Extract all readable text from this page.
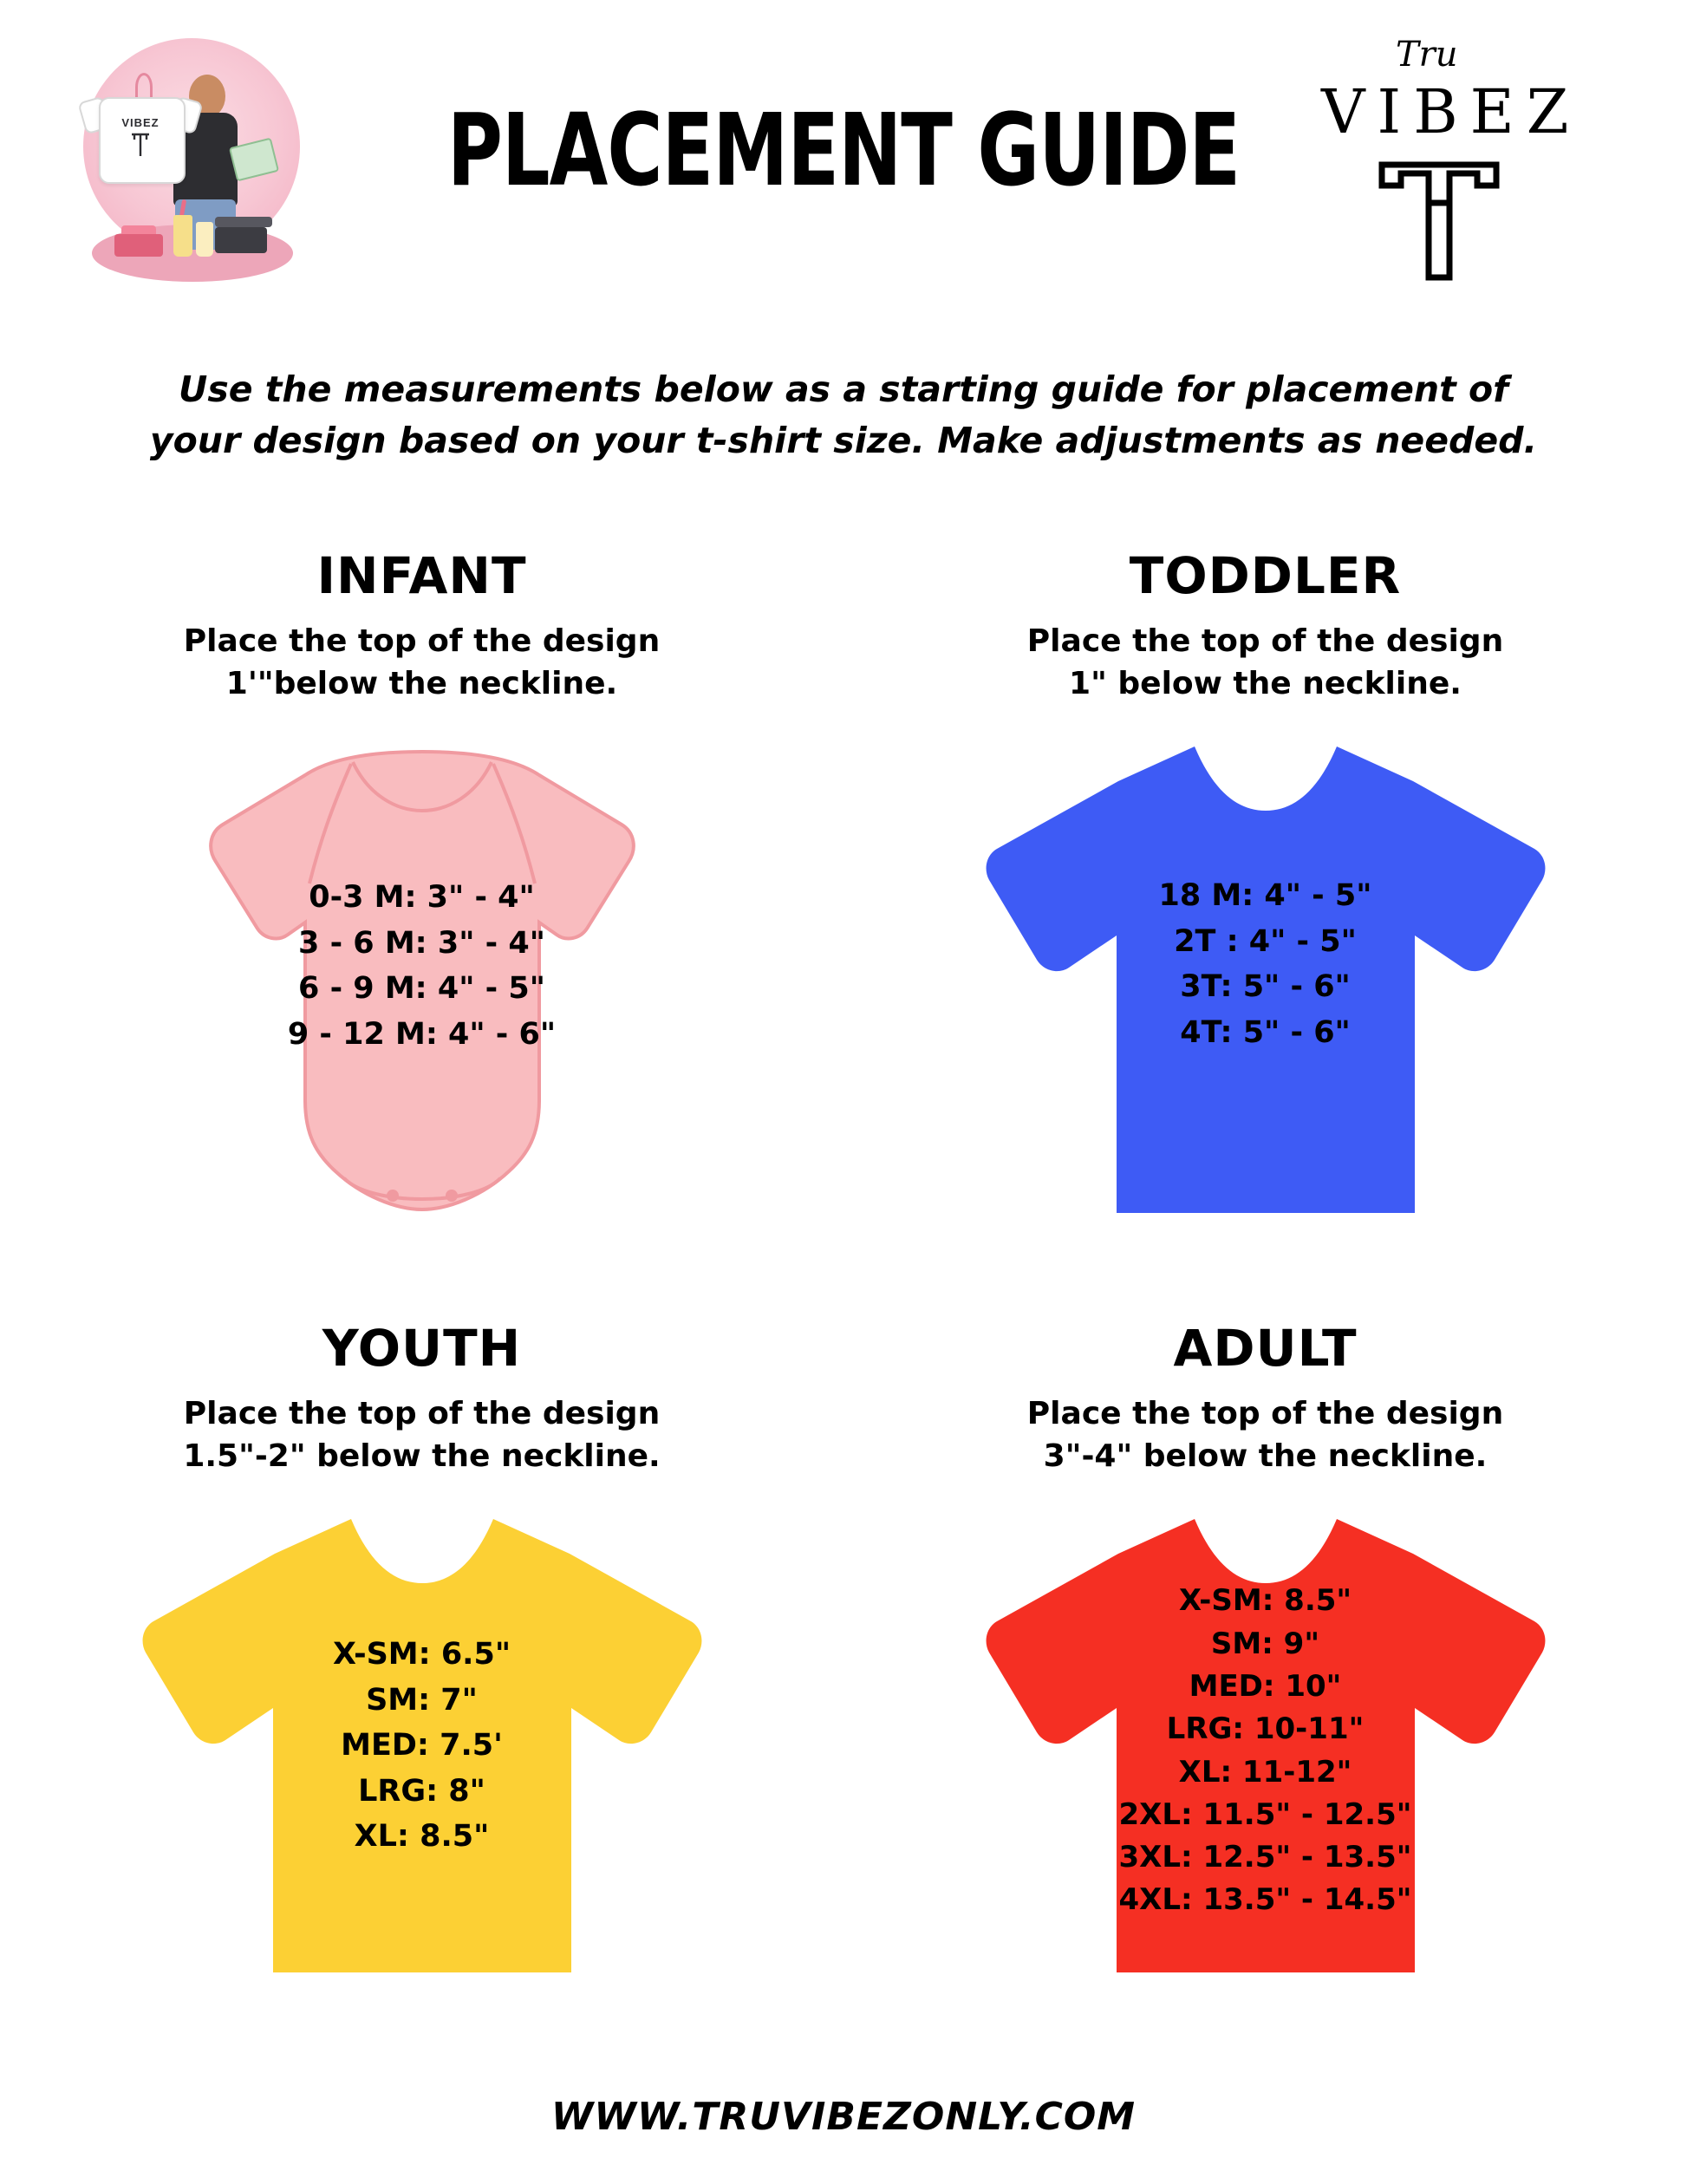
VIBEZ	PLACEMENT GUIDE
Tru
VIBEZ
Use the measurements below as a starting guide for placement of
your design based on your t-shirt size. Make adjustments as needed.
INFANT
Place the top of the design
1'"below the neckline.
0-3 M: 3" - 4"
3 - 6 M: 3" - 4"
6 - 9 M: 4" - 5"
9 - 12 M: 4" - 6"
TODDLER
Place the top of the design
1" below the neckline.
18 M: 4" - 5"
2T : 4" - 5"
3T: 5" - 6"
4T: 5" - 6"
YOUTH
Place the top of the design
1.5"-2" below the neckline.
X-SM: 6.5"
SM: 7"
MED: 7.5'
LRG: 8"
XL: 8.5"
ADULT
Place the top of the design
3"-4" below the neckline.
X-SM: 8.5"
SM: 9"
MED: 10"
LRG: 10-11"
XL: 11-12"
2XL: 11.5" - 12.5"
3XL: 12.5" - 13.5"
4XL: 13.5" - 14.5"
WWW.TRUVIBEZONLY.COM
